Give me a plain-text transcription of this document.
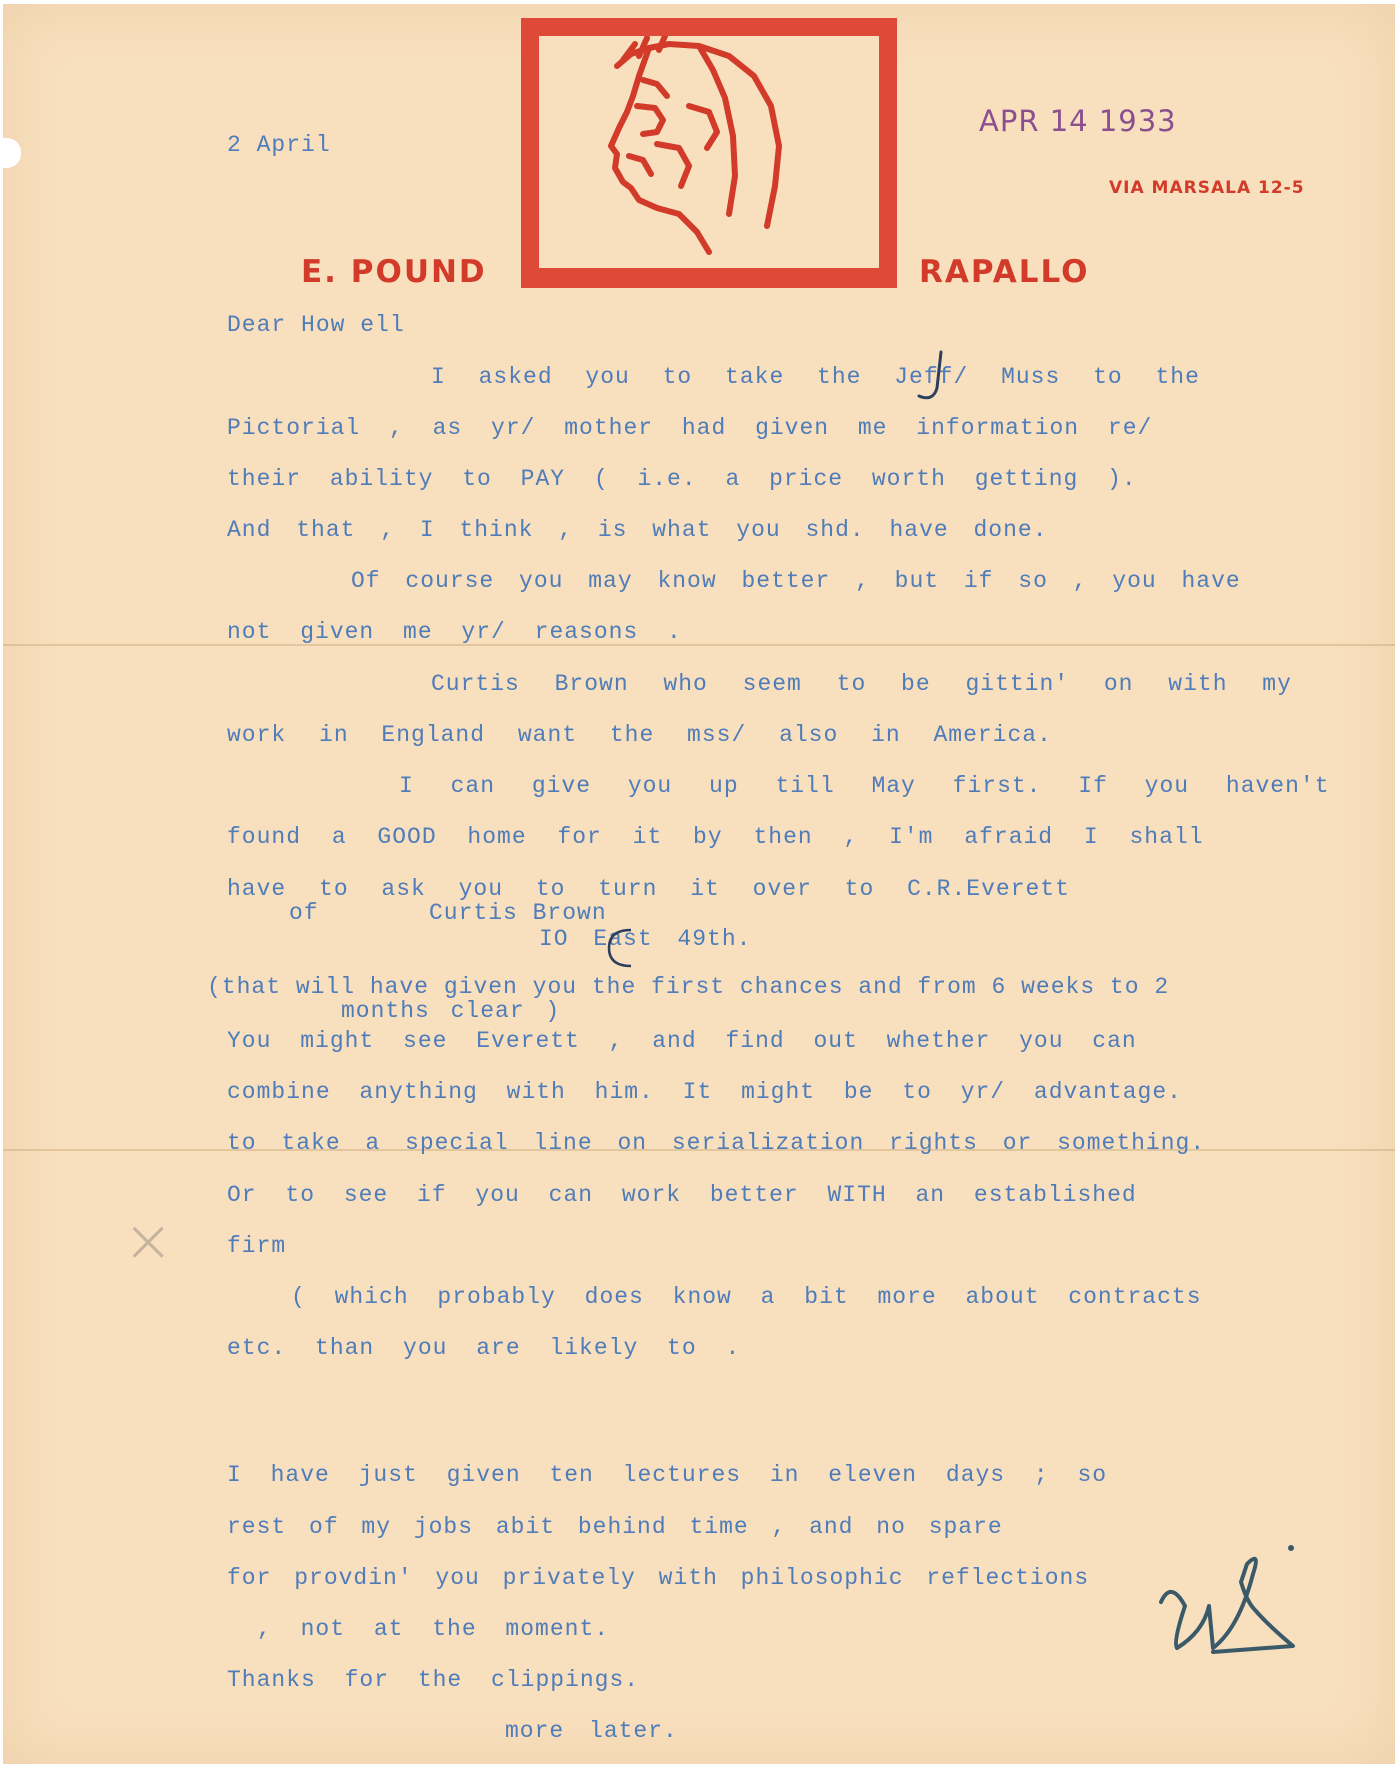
E. POUND	RAPALLO
VIA MARSALA 12-5
APR 14 1933
2 April
Dear How ell
I asked you to take the Jeff/ Muss to the
Pictorial , as yr/ mother had given me information re/
their ability to PAY ( i.e. a price worth getting ).
And that , I think , is what you shd. have done.
Of course you may know better , but if so , you have
not given me yr/ reasons .
Curtis Brown who seem to be gittin' on with my
work in England want the mss/ also in America.
I can give you up till May first. If you haven't
found a GOOD home for it by then , I'm afraid I shall
have to ask you to turn it over to C.R.Everett
of	Curtis Brown
IO East 49th.
(that will have given you the first chances and from 6 weeks to 2
months clear )
You might see Everett , and find out whether you can
combine anything with him. It might be to yr/ advantage.
to take a special line on serialization rights or something.
Or to see if you can work better WITH an established
firm
( which probably does know a bit more about contracts
etc. than you are likely to .
I have just given ten lectures in eleven days ; so
rest of my jobs abit behind time , and no spare
for provdin' you privately with philosophic reflections
, not at the moment.
Thanks for the clippings.
more later.
×
